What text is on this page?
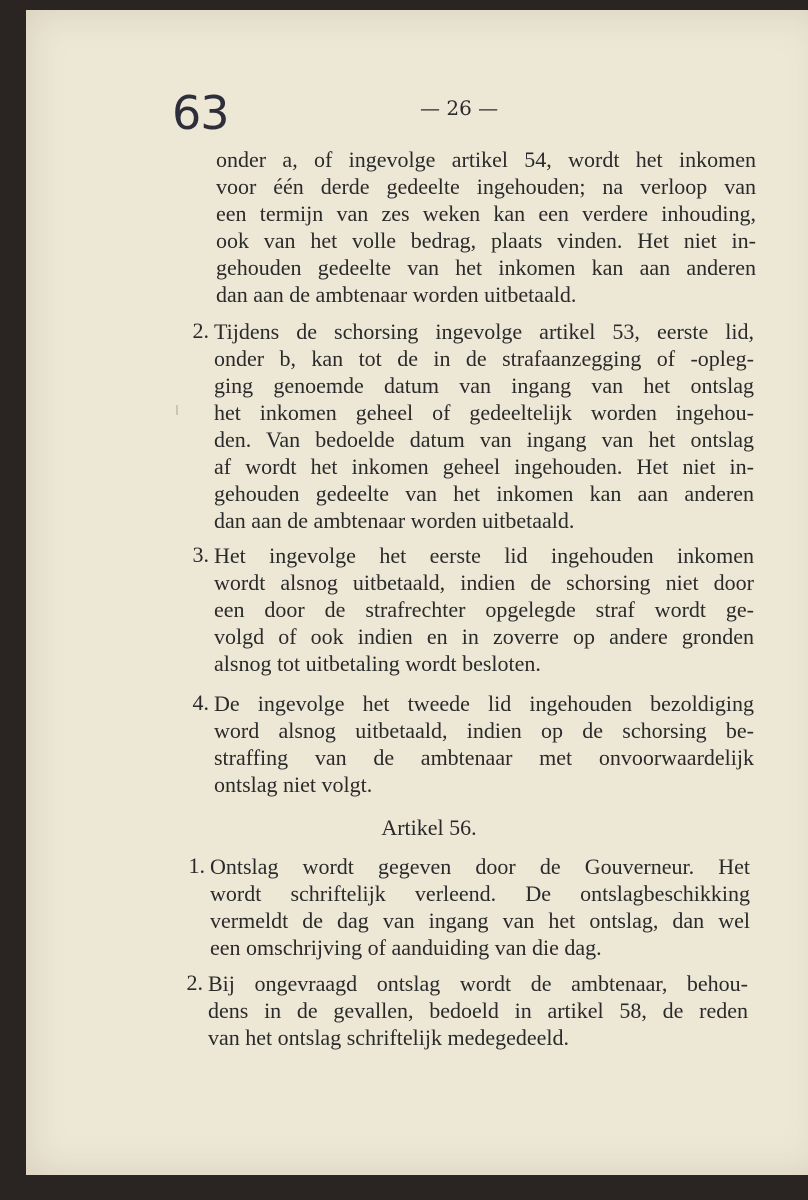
63	— 26 —
onder a, of ingevolge artikel 54, wordt het inkomen
voor één derde gedeelte ingehouden; na verloop van
een termijn van zes weken kan een verdere inhouding,
ook van het volle bedrag, plaats vinden. Het niet in-
gehouden gedeelte van het inkomen kan aan anderen
dan aan de ambtenaar worden uitbetaald.
2. Tijdens de schorsing ingevolge artikel 53, eerste lid,
onder b, kan tot de in de strafaanzegging of -opleg-
ging genoemde datum van ingang van het ontslag
het inkomen geheel of gedeeltelijk worden ingehou-
den. Van bedoelde datum van ingang van het ontslag
af wordt het inkomen geheel ingehouden. Het niet in-
gehouden gedeelte van het inkomen kan aan anderen
dan aan de ambtenaar worden uitbetaald.
3. Het ingevolge het eerste lid ingehouden inkomen
wordt alsnog uitbetaald, indien de schorsing niet door
een door de strafrechter opgelegde straf wordt ge-
volgd of ook indien en in zoverre op andere gronden
alsnog tot uitbetaling wordt besloten.
4. De ingevolge het tweede lid ingehouden bezoldiging
word alsnog uitbetaald, indien op de schorsing be-
straffing van de ambtenaar met onvoorwaardelijk
ontslag niet volgt.
Artikel 56.
1. Ontslag wordt gegeven door de Gouverneur. Het
wordt schriftelijk verleend. De ontslagbeschikking
vermeldt de dag van ingang van het ontslag, dan wel
een omschrijving of aanduiding van die dag.
2. Bij ongevraagd ontslag wordt de ambtenaar, behou-
dens in de gevallen, bedoeld in artikel 58, de reden
van het ontslag schriftelijk medegedeeld.
